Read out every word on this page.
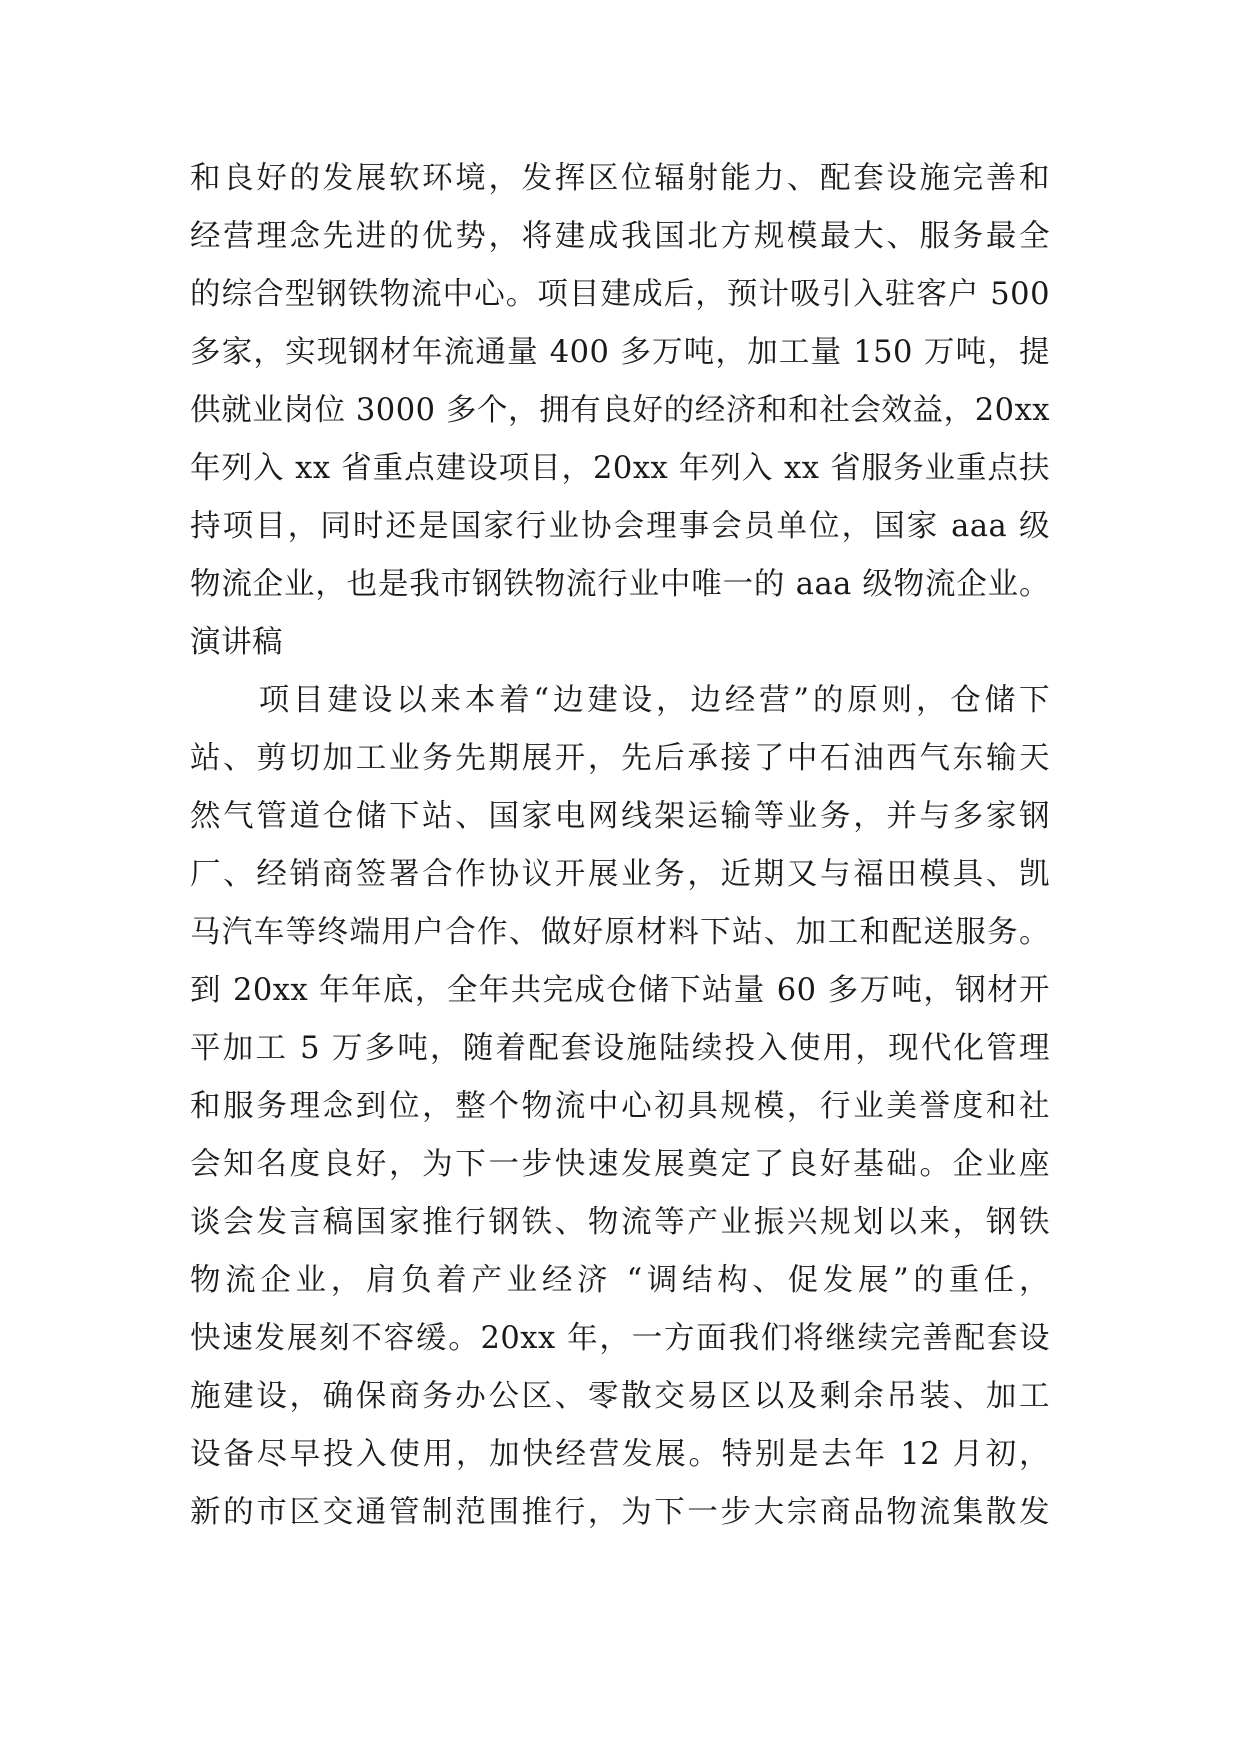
和良好的发展软环境，发挥区位辐射能力、配套设施完善和
经营理念先进的优势，将建成我国北方规模最大、服务最全
的综合型钢铁物流中心。项目建成后，预计吸引入驻客户 500
多家，实现钢材年流通量 400 多万吨，加工量 150 万吨，提
供就业岗位 3000 多个，拥有良好的经济和和社会效益，20xx
年列入 xx 省重点建设项目，20xx 年列入 xx 省服务业重点扶
持项目，同时还是国家行业协会理事会员单位，国家 aaa 级
物流企业，也是我市钢铁物流行业中唯一的 aaa 级物流企业。
演讲稿
　　项目建设以来本着“边建设，边经营”的原则，仓储下
站、剪切加工业务先期展开，先后承接了中石油西气东输天
然气管道仓储下站、国家电网线架运输等业务，并与多家钢
厂、经销商签署合作协议开展业务，近期又与福田模具、凯
马汽车等终端用户合作、做好原材料下站、加工和配送服务。
到 20xx 年年底，全年共完成仓储下站量 60 多万吨，钢材开
平加工 5 万多吨，随着配套设施陆续投入使用，现代化管理
和服务理念到位，整个物流中心初具规模，行业美誉度和社
会知名度良好，为下一步快速发展奠定了良好基础。企业座
谈会发言稿国家推行钢铁、物流等产业振兴规划以来，钢铁
物流企业，肩负着产业经济 “调结构、促发展”的重任，
快速发展刻不容缓。20xx 年，一方面我们将继续完善配套设
施建设，确保商务办公区、零散交易区以及剩余吊装、加工
设备尽早投入使用，加快经营发展。特别是去年 12 月初，
新的市区交通管制范围推行，为下一步大宗商品物流集散发
